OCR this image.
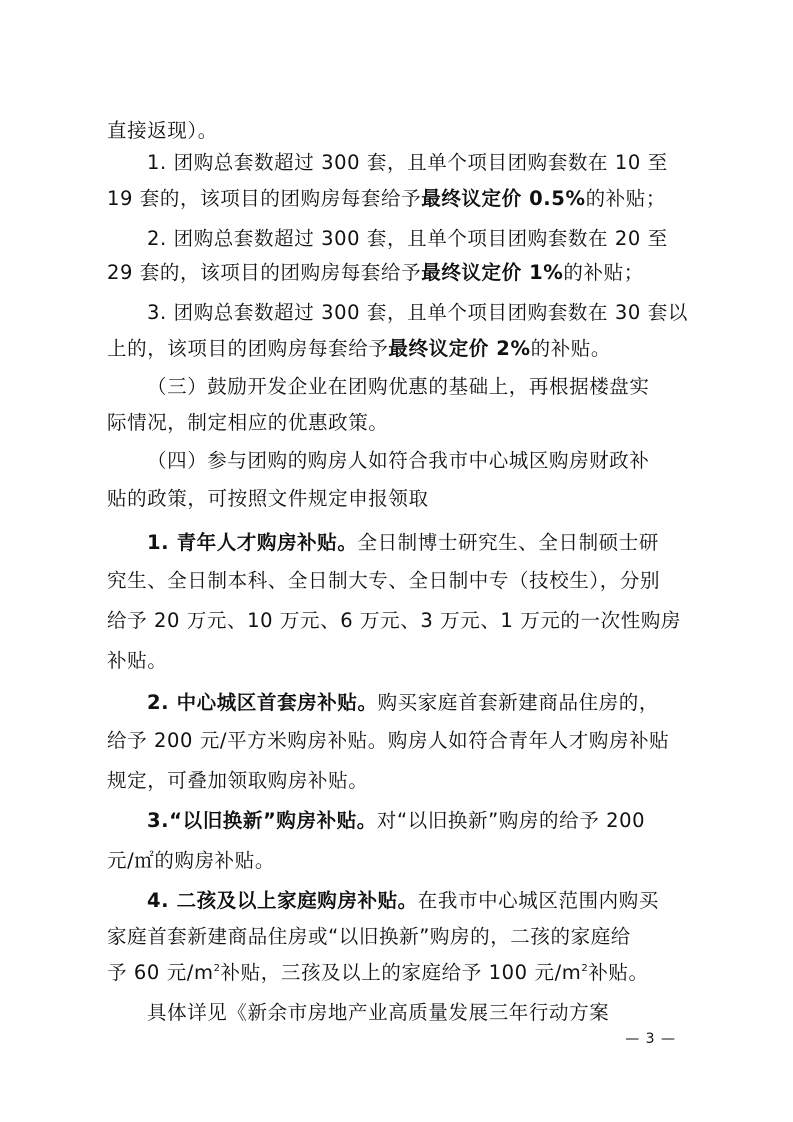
直接返现）。
1. 团购总套数超过 300 套，且单个项目团购套数在 10 至
19 套的，该项目的团购房每套给予最终议定价 0.5%的补贴；
2. 团购总套数超过 300 套，且单个项目团购套数在 20 至
29 套的，该项目的团购房每套给予最终议定价 1%的补贴；
3. 团购总套数超过 300 套，且单个项目团购套数在 30 套以
上的，该项目的团购房每套给予最终议定价 2%的补贴。
（三）鼓励开发企业在团购优惠的基础上，再根据楼盘实
际情况，制定相应的优惠政策。
（四）参与团购的购房人如符合我市中心城区购房财政补
贴的政策，可按照文件规定申报领取
1. 青年人才购房补贴。全日制博士研究生、全日制硕士研
究生、全日制本科、全日制大专、全日制中专（技校生），分别
给予 20 万元、10 万元、6 万元、3 万元、1 万元的一次性购房
补贴。
2. 中心城区首套房补贴。购买家庭首套新建商品住房的，
给予 200 元/平方米购房补贴。购房人如符合青年人才购房补贴
规定，可叠加领取购房补贴。
3.“以旧换新”购房补贴。对“以旧换新”购房的给予 200
元/㎡的购房补贴。
4. 二孩及以上家庭购房补贴。在我市中心城区范围内购买
家庭首套新建商品住房或“以旧换新”购房的，二孩的家庭给
予 60 元$/m^2$补贴，三孩及以上的家庭给予 100 元$/m^2$补贴。
具体详见《新余市房地产业高质量发展三年行动方案
— 3 —
